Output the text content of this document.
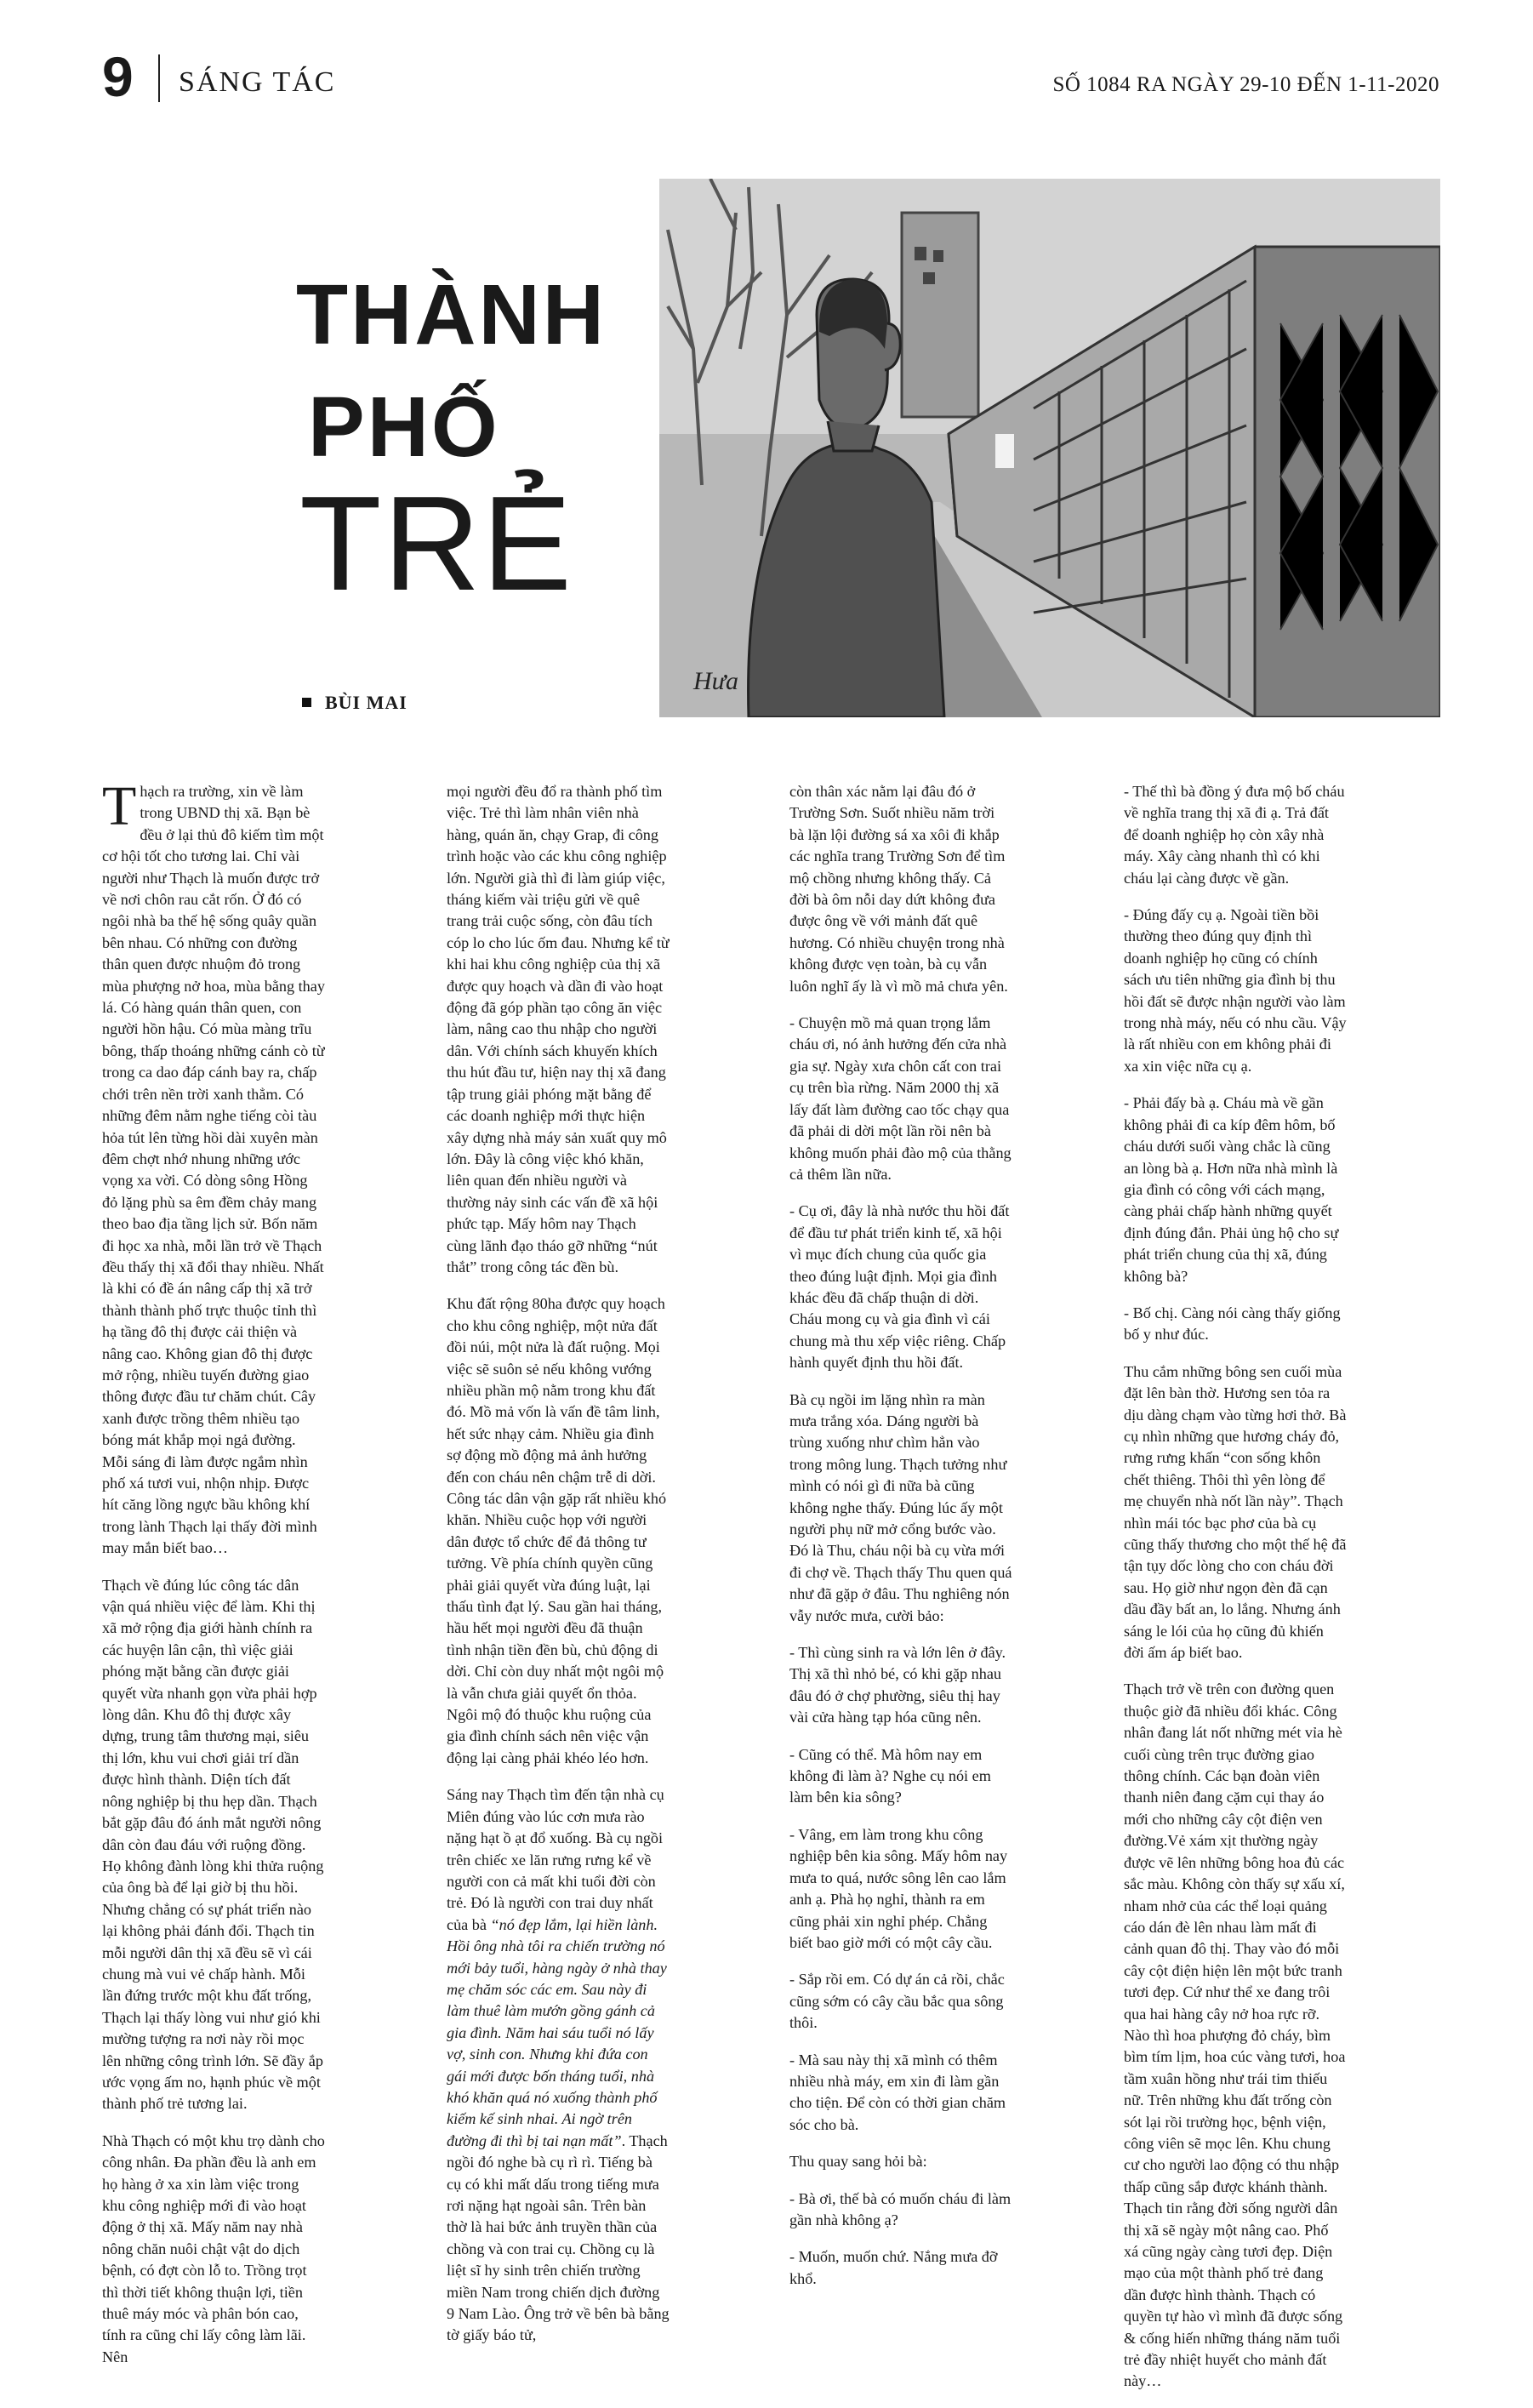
9 SÁNG TÁC	SỐ 1084 RA NGÀY 29-10 ĐẾN 1-11-2020
THÀNH
PHỐ
TRẺ
BÙI MAI
Hưa

Thạch ra trường, xin về làm trong UBND thị xã. Bạn bè đều ở lại thủ đô kiếm tìm một cơ hội tốt cho tương lai. Chỉ vài người như Thạch là muốn được trở về nơi chôn rau cắt rốn. Ở đó có ngôi nhà ba thế hệ sống quây quần bên nhau. Có những con đường thân quen được nhuộm đỏ trong mùa phượng nở hoa, mùa bằng thay lá. Có hàng quán thân quen, con người hồn hậu. Có mùa màng trĩu bông, thấp thoáng những cánh cò từ trong ca dao đáp cánh bay ra, chấp chới trên nền trời xanh thẳm. Có những đêm nằm nghe tiếng còi tàu hỏa tút lên từng hồi dài xuyên màn đêm chợt nhớ nhung những ước vọng xa vời. Có dòng sông Hồng đỏ lặng phù sa êm đềm chảy mang theo bao địa tầng lịch sử. Bốn năm đi học xa nhà, mỗi lần trở về Thạch đều thấy thị xã đổi thay nhiều. Nhất là khi có đề án nâng cấp thị xã trở thành thành phố trực thuộc tỉnh thì hạ tầng đô thị được cải thiện và nâng cao. Không gian đô thị được mở rộng, nhiều tuyến đường giao thông được đầu tư chăm chút. Cây xanh được trồng thêm nhiều tạo bóng mát khắp mọi ngả đường. Mỗi sáng đi làm được ngắm nhìn phố xá tươi vui, nhộn nhịp. Được hít căng lồng ngực bầu không khí trong lành Thạch lại thấy đời mình may mắn biết bao…

Thạch về đúng lúc công tác dân vận quá nhiều việc để làm. Khi thị xã mở rộng địa giới hành chính ra các huyện lân cận, thì việc giải phóng mặt bằng cần được giải quyết vừa nhanh gọn vừa phải hợp lòng dân. Khu đô thị được xây dựng, trung tâm thương mại, siêu thị lớn, khu vui chơi giải trí dần được hình thành. Diện tích đất nông nghiệp bị thu hẹp dần. Thạch bắt gặp đâu đó ánh mắt người nông dân còn đau đáu với ruộng đồng. Họ không đành lòng khi thửa ruộng của ông bà để lại giờ bị thu hồi. Nhưng chẳng có sự phát triển nào lại không phải đánh đổi. Thạch tin mỗi người dân thị xã đều sẽ vì cái chung mà vui vẻ chấp hành. Mỗi lần đứng trước một khu đất trống, Thạch lại thấy lòng vui như gió khi mường tượng ra nơi này rồi mọc lên những công trình lớn. Sẽ đầy ắp ước vọng ấm no, hạnh phúc về một thành phố trẻ tương lai.

Nhà Thạch có một khu trọ dành cho công nhân. Đa phần đều là anh em họ hàng ở xa xin làm việc trong khu công nghiệp mới đi vào hoạt động ở thị xã. Mấy năm nay nhà nông chăn nuôi chật vật do dịch bệnh, có đợt còn lỗ to. Trồng trọt thì thời tiết không thuận lợi, tiền thuê máy móc và phân bón cao, tính ra cũng chỉ lấy công làm lãi. Nên

mọi người đều đổ ra thành phố tìm việc. Trẻ thì làm nhân viên nhà hàng, quán ăn, chạy Grap, đi công trình hoặc vào các khu công nghiệp lớn. Người già thì đi làm giúp việc, tháng kiếm vài triệu gửi về quê trang trải cuộc sống, còn đâu tích cóp lo cho lúc ốm đau. Nhưng kể từ khi hai khu công nghiệp của thị xã được quy hoạch và dần đi vào hoạt động đã góp phần tạo công ăn việc làm, nâng cao thu nhập cho người dân. Với chính sách khuyến khích thu hút đầu tư, hiện nay thị xã đang tập trung giải phóng mặt bằng để các doanh nghiệp mới thực hiện xây dựng nhà máy sản xuất quy mô lớn. Đây là công việc khó khăn, liên quan đến nhiều người và thường nảy sinh các vấn đề xã hội phức tạp. Mấy hôm nay Thạch cùng lãnh đạo tháo gỡ những “nút thắt” trong công tác đền bù.

Khu đất rộng 80ha được quy hoạch cho khu công nghiệp, một nửa đất đồi núi, một nửa là đất ruộng. Mọi việc sẽ suôn sẻ nếu không vướng nhiều phần mộ nằm trong khu đất đó. Mồ mả vốn là vấn đề tâm linh, hết sức nhạy cảm. Nhiều gia đình sợ động mồ động mả ảnh hưởng đến con cháu nên chậm trễ di dời. Công tác dân vận gặp rất nhiều khó khăn. Nhiều cuộc họp với người dân được tổ chức để đả thông tư tưởng. Về phía chính quyền cũng phải giải quyết vừa đúng luật, lại thấu tình đạt lý. Sau gần hai tháng, hầu hết mọi người đều đã thuận tình nhận tiền đền bù, chủ động di dời. Chỉ còn duy nhất một ngôi mộ là vẫn chưa giải quyết ổn thỏa. Ngôi mộ đó thuộc khu ruộng của gia đình chính sách nên việc vận động lại càng phải khéo léo hơn.

Sáng nay Thạch tìm đến tận nhà cụ Miên đúng vào lúc cơn mưa rào nặng hạt ồ ạt đổ xuống. Bà cụ ngồi trên chiếc xe lăn rưng rưng kể về người con cả mất khi tuổi đời còn trẻ. Đó là người con trai duy nhất của bà “nó đẹp lắm, lại hiền lành. Hồi ông nhà tôi ra chiến trường nó mới bảy tuổi, hàng ngày ở nhà thay mẹ chăm sóc các em. Sau này đi làm thuê làm mướn gồng gánh cả gia đình. Năm hai sáu tuổi nó lấy vợ, sinh con. Nhưng khi đứa con gái mới được bốn tháng tuổi, nhà khó khăn quá nó xuống thành phố kiếm kế sinh nhai. Ai ngờ trên đường đi thì bị tai nạn mất”. Thạch ngồi đó nghe bà cụ rì rì. Tiếng bà cụ có khi mất dấu trong tiếng mưa rơi nặng hạt ngoài sân. Trên bàn thờ là hai bức ảnh truyền thần của chồng và con trai cụ. Chồng cụ là liệt sĩ hy sinh trên chiến trường miền Nam trong chiến dịch đường 9 Nam Lào. Ông trở về bên bà bằng tờ giấy báo tử,

còn thân xác nằm lại đâu đó ở Trường Sơn. Suốt nhiều năm trời bà lặn lội đường sá xa xôi đi khắp các nghĩa trang Trường Sơn để tìm mộ chồng nhưng không thấy. Cả đời bà ôm nỗi day dứt không đưa được ông về với mảnh đất quê hương. Có nhiều chuyện trong nhà không được vẹn toàn, bà cụ vẫn luôn nghĩ ấy là vì mồ mả chưa yên.

- Chuyện mồ mả quan trọng lắm cháu ơi, nó ảnh hưởng đến cửa nhà gia sự. Ngày xưa chôn cất con trai cụ trên bìa rừng. Năm 2000 thị xã lấy đất làm đường cao tốc chạy qua đã phải di dời một lần rồi nên bà không muốn phải đào mộ của thằng cả thêm lần nữa.

- Cụ ơi, đây là nhà nước thu hồi đất để đầu tư phát triển kinh tế, xã hội vì mục đích chung của quốc gia theo đúng luật định. Mọi gia đình khác đều đã chấp thuận di dời. Cháu mong cụ và gia đình vì cái chung mà thu xếp việc riêng. Chấp hành quyết định thu hồi đất.

Bà cụ ngồi im lặng nhìn ra màn mưa trắng xóa. Dáng người bà trùng xuống như chìm hẳn vào trong mông lung. Thạch tưởng như mình có nói gì đi nữa bà cũng không nghe thấy. Đúng lúc ấy một người phụ nữ mở cổng bước vào. Đó là Thu, cháu nội bà cụ vừa mới đi chợ về. Thạch thấy Thu quen quá như đã gặp ở đâu. Thu nghiêng nón vẫy nước mưa, cười bảo:

- Thì cùng sinh ra và lớn lên ở đây. Thị xã thì nhỏ bé, có khi gặp nhau đâu đó ở chợ phường, siêu thị hay vài cửa hàng tạp hóa cũng nên.

- Cũng có thể. Mà hôm nay em không đi làm à? Nghe cụ nói em làm bên kia sông?

- Vâng, em làm trong khu công nghiệp bên kia sông. Mấy hôm nay mưa to quá, nước sông lên cao lắm anh ạ. Phà họ nghỉ, thành ra em cũng phải xin nghỉ phép. Chẳng biết bao giờ mới có một cây cầu.

- Sắp rồi em. Có dự án cả rồi, chắc cũng sớm có cây cầu bắc qua sông thôi.

- Mà sau này thị xã mình có thêm nhiều nhà máy, em xin đi làm gần cho tiện. Để còn có thời gian chăm sóc cho bà.

Thu quay sang hỏi bà:

- Bà ơi, thế bà có muốn cháu đi làm gần nhà không ạ?

- Muốn, muốn chứ. Nắng mưa đỡ khổ.

- Thế thì bà đồng ý đưa mộ bố cháu về nghĩa trang thị xã đi ạ. Trả đất để doanh nghiệp họ còn xây nhà máy. Xây càng nhanh thì có khi cháu lại càng được về gần.

- Đúng đấy cụ ạ. Ngoài tiền bồi thường theo đúng quy định thì doanh nghiệp họ cũng có chính sách ưu tiên những gia đình bị thu hồi đất sẽ được nhận người vào làm trong nhà máy, nếu có nhu cầu. Vậy là rất nhiều con em không phải đi xa xin việc nữa cụ ạ.

- Phải đấy bà ạ. Cháu mà về gần không phải đi ca kíp đêm hôm, bố cháu dưới suối vàng chắc là cũng an lòng bà ạ. Hơn nữa nhà mình là gia đình có công với cách mạng, càng phải chấp hành những quyết định đúng đắn. Phải ủng hộ cho sự phát triển chung của thị xã, đúng không bà?

- Bố chị. Càng nói càng thấy giống bố y như đúc.

Thu cắm những bông sen cuối mùa đặt lên bàn thờ. Hương sen tỏa ra dịu dàng chạm vào từng hơi thở. Bà cụ nhìn những que hương cháy đỏ, rưng rưng khấn “con sống khôn chết thiêng. Thôi thì yên lòng để mẹ chuyển nhà nốt lần này”. Thạch nhìn mái tóc bạc phơ của bà cụ cũng thấy thương cho một thế hệ đã tận tụy dốc lòng cho con cháu đời sau. Họ giờ như ngọn đèn đã cạn dầu đầy bất an, lo lắng. Nhưng ánh sáng le lói của họ cũng đủ khiến đời ấm áp biết bao.

Thạch trở về trên con đường quen thuộc giờ đã nhiều đổi khác. Công nhân đang lát nốt những mét vỉa hè cuối cùng trên trục đường giao thông chính. Các bạn đoàn viên thanh niên đang cặm cụi thay áo mới cho những cây cột điện ven đường.Vẻ xám xịt thường ngày được vẽ lên những bông hoa đủ các sắc màu. Không còn thấy sự xấu xí, nham nhở của các thể loại quảng cáo dán đè lên nhau làm mất đi cảnh quan đô thị. Thay vào đó mỗi cây cột điện hiện lên một bức tranh tươi đẹp. Cứ như thể xe đang trôi qua hai hàng cây nở hoa rực rỡ. Nào thì hoa phượng đỏ cháy, bìm bìm tím lịm, hoa cúc vàng tươi, hoa tầm xuân hồng như trái tim thiếu nữ. Trên những khu đất trống còn sót lại rồi trường học, bệnh viện, công viên sẽ mọc lên. Khu chung cư cho người lao động có thu nhập thấp cũng sắp được khánh thành. Thạch tin rằng đời sống người dân thị xã sẽ ngày một nâng cao. Phố xá cũng ngày càng tươi đẹp. Diện mạo của một thành phố trẻ đang dần được hình thành. Thạch có quyền tự hào vì mình đã được sống & cống hiến những tháng năm tuổi trẻ đầy nhiệt huyết cho mảnh đất này…
